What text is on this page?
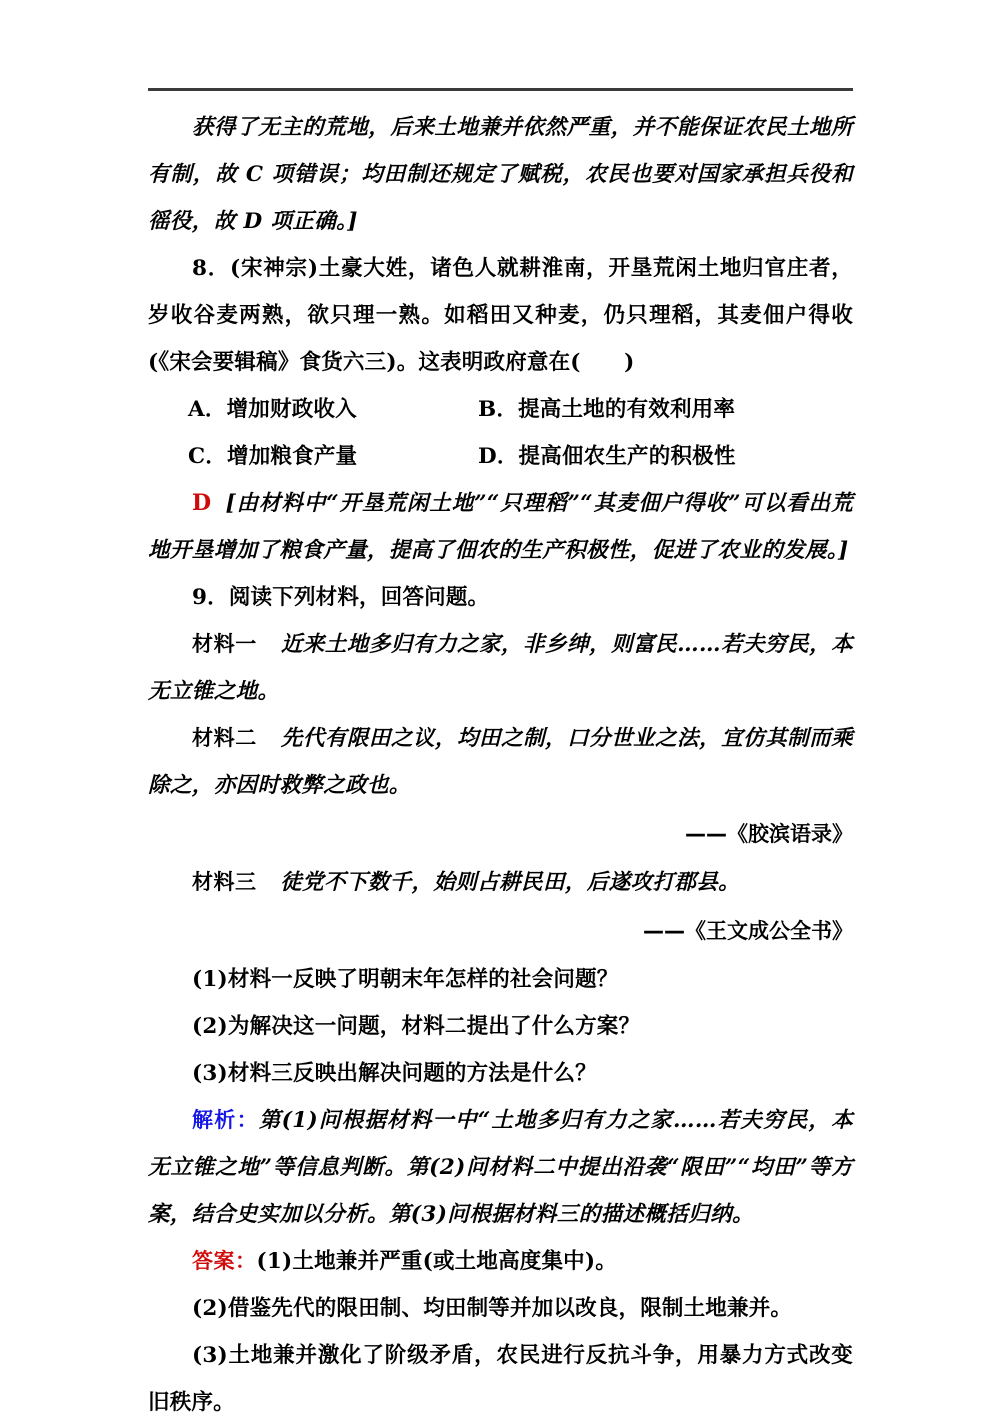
获得了无主的荒地，后来土地兼并依然严重，并不能保证农民土地所有制，故 C 项错误；均田制还规定了赋税，农民也要对国家承担兵役和徭役，故 D 项正确。]

8．(宋神宗)土豪大姓，诸色人就耕淮南，开垦荒闲土地归官庄者，岁收谷麦两熟，欲只理一熟。如稻田又种麦，仍只理稻，其麦佃户得收(《宋会要辑稿》食货六三)。这表明政府意在(　　)

A．增加财政收入	B．提高土地的有效利用率
C．增加粮食产量	D．提高佃农生产的积极性

D [由材料中“开垦荒闲土地”“只理稻”“其麦佃户得收”可以看出荒地开垦增加了粮食产量，提高了佃农的生产积极性，促进了农业的发展。]

9．阅读下列材料，回答问题。

材料一 近来土地多归有力之家，非乡绅，则富民……若夫穷民，本无立锥之地。

材料二 先代有限田之议，均田之制，口分世业之法，宜仿其制而乘除之，亦因时救弊之政也。

——《胶滨语录》

材料三 徒党不下数千，始则占耕民田，后遂攻打郡县。

——《王文成公全书》

(1)材料一反映了明朝末年怎样的社会问题？

(2)为解决这一问题，材料二提出了什么方案？

(3)材料三反映出解决问题的方法是什么？

解析：第(1)问根据材料一中“土地多归有力之家……若夫穷民，本无立锥之地”等信息判断。第(2)问材料二中提出沿袭“限田”“均田”等方案，结合史实加以分析。第(3)问根据材料三的描述概括归纳。

答案：(1)土地兼并严重(或土地高度集中)。

(2)借鉴先代的限田制、均田制等并加以改良，限制土地兼并。

(3)土地兼并激化了阶级矛盾，农民进行反抗斗争，用暴力方式改变旧秩序。
